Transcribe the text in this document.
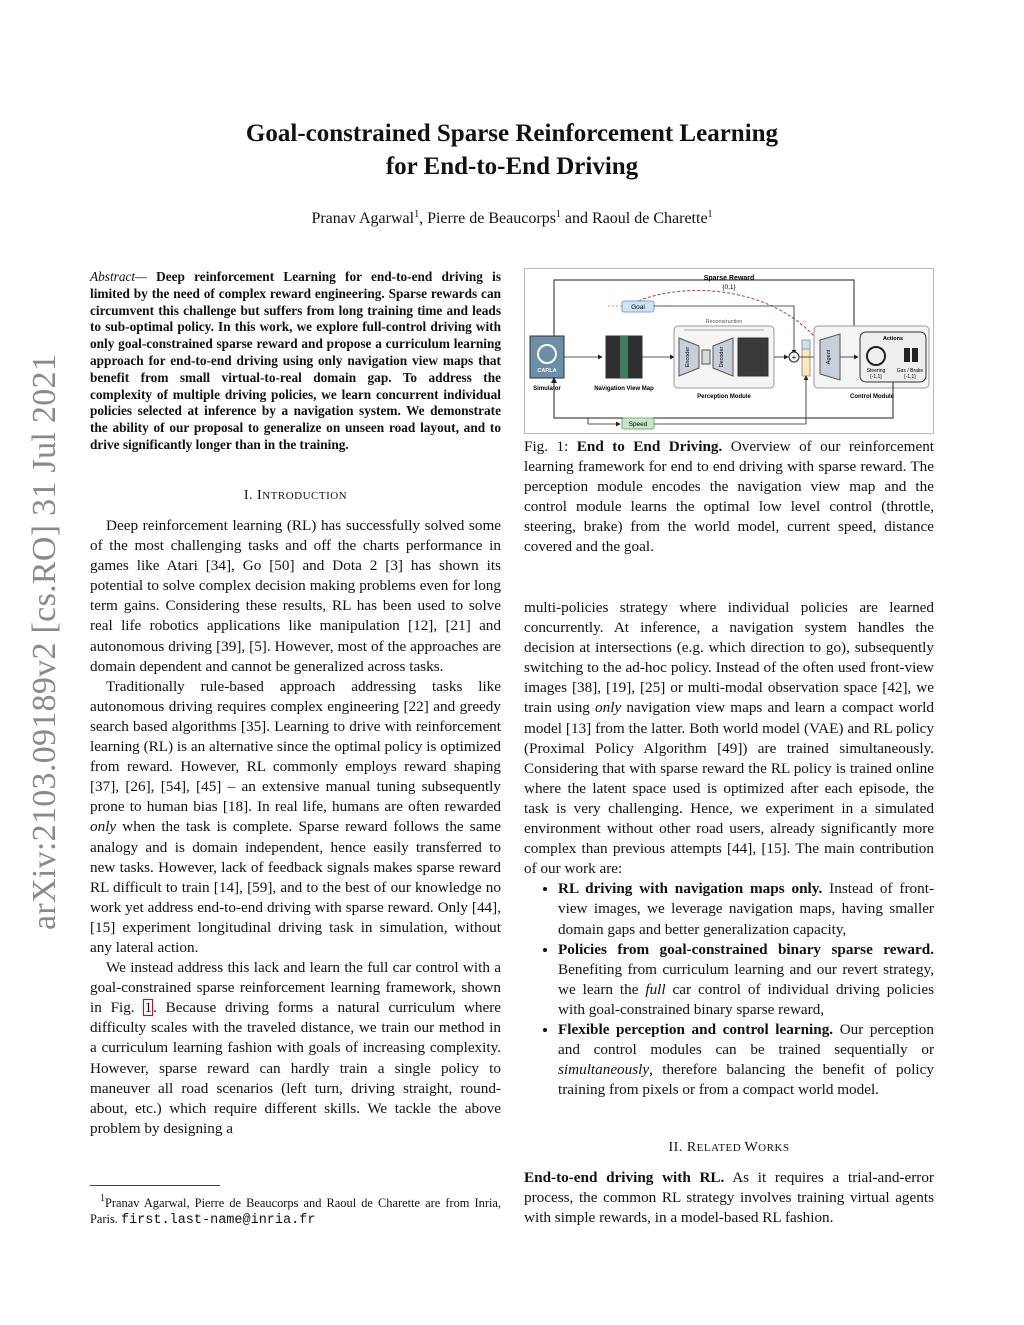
arXiv:2103.09189v2 [cs.RO] 31 Jul 2021
Goal-constrained Sparse Reinforcement Learning
for End-to-End Driving
Pranav Agarwal$^1$, Pierre de Beaucorps$^1$ and Raoul de Charette$^1$
Abstract— Deep reinforcement Learning for end-to-end driving is limited by the need of complex reward engineering. Sparse rewards can circumvent this challenge but suffers from long training time and leads to sub-optimal policy. In this work, we explore full-control driving with only goal-constrained sparse reward and propose a curriculum learning approach for end-to-end driving using only navigation view maps that benefit from small virtual-to-real domain gap. To address the complexity of multiple driving policies, we learn concurrent individual policies selected at inference by a navigation system. We demonstrate the ability of our proposal to generalize on unseen road layout, and to drive significantly longer than in the training.
I. INTRODUCTION

Deep reinforcement learning (RL) has successfully solved some of the most challenging tasks and off the charts performance in games like Atari [34], Go [50] and Dota 2 [3] has shown its potential to solve complex decision making problems even for long term gains. Considering these results, RL has been used to solve real life robotics applications like manipulation [12], [21] and autonomous driving [39], [5]. However, most of the approaches are domain dependent and cannot be generalized across tasks.

Traditionally rule-based approach addressing tasks like autonomous driving requires complex engineering [22] and greedy search based algorithms [35]. Learning to drive with reinforcement learning (RL) is an alternative since the optimal policy is optimized from reward. However, RL commonly employs reward shaping [37], [26], [54], [45] – an extensive manual tuning subsequently prone to human bias [18]. In real life, humans are often rewarded only when the task is complete. Sparse reward follows the same analogy and is domain independent, hence easily transferred to new tasks. However, lack of feedback signals makes sparse reward RL difficult to train [14], [59], and to the best of our knowledge no work yet address end-to-end driving with sparse reward. Only [44], [15] experiment longitudinal driving task in simulation, without any lateral action.

We instead address this lack and learn the full car control with a goal-constrained sparse reinforcement learning framework, shown in Fig. 1. Because driving forms a natural curriculum where difficulty scales with the traveled distance, we train our method in a curriculum learning fashion with goals of increasing complexity. However, sparse reward can hardly train a single policy to maneuver all road scenarios (left turn, driving straight, round-about, etc.) which require different skills. We tackle the above problem by designing a

$^1$Pranav Agarwal, Pierre de Beaucorps and Raoul de Charette are from Inria, Paris. first.last-name@inria.fr
Sparse Reward
{0,1}
Goal
CARLA
Simulator	Navigation View Map
Reconstruction
Encoder	Decoder
Perception Module
+	Agent
Actions
Steering
[-1,1]
Gas / Brake
[-1,1]
Control Module
Speed
Fig. 1: End to End Driving. Overview of our reinforcement learning framework for end to end driving with sparse reward. The perception module encodes the navigation view map and the control module learns the optimal low level control (throttle, steering, brake) from the world model, current speed, distance covered and the goal.

multi-policies strategy where individual policies are learned concurrently. At inference, a navigation system handles the decision at intersections (e.g. which direction to go), subsequently switching to the ad-hoc policy. Instead of the often used front-view images [38], [19], [25] or multi-modal observation space [42], we train using only navigation view maps and learn a compact world model [13] from the latter. Both world model (VAE) and RL policy (Proximal Policy Algorithm [49]) are trained simultaneously. Considering that with sparse reward the RL policy is trained online where the latent space used is optimized after each episode, the task is very challenging. Hence, we experiment in a simulated environment without other road users, already significantly more complex than previous attempts [44], [15]. The main contribution of our work are:

• RL driving with navigation maps only. Instead of front-view images, we leverage navigation maps, having smaller domain gaps and better generalization capacity,
• Policies from goal-constrained binary sparse reward. Benefiting from curriculum learning and our revert strategy, we learn the full car control of individual driving policies with goal-constrained binary sparse reward,
• Flexible perception and control learning. Our perception and control modules can be trained sequentially or simultaneously, therefore balancing the benefit of policy training from pixels or from a compact world model.
II. RELATED WORKS
End-to-end driving with RL. As it requires a trial-and-error process, the common RL strategy involves training virtual agents with simple rewards, in a model-based RL fashion.
